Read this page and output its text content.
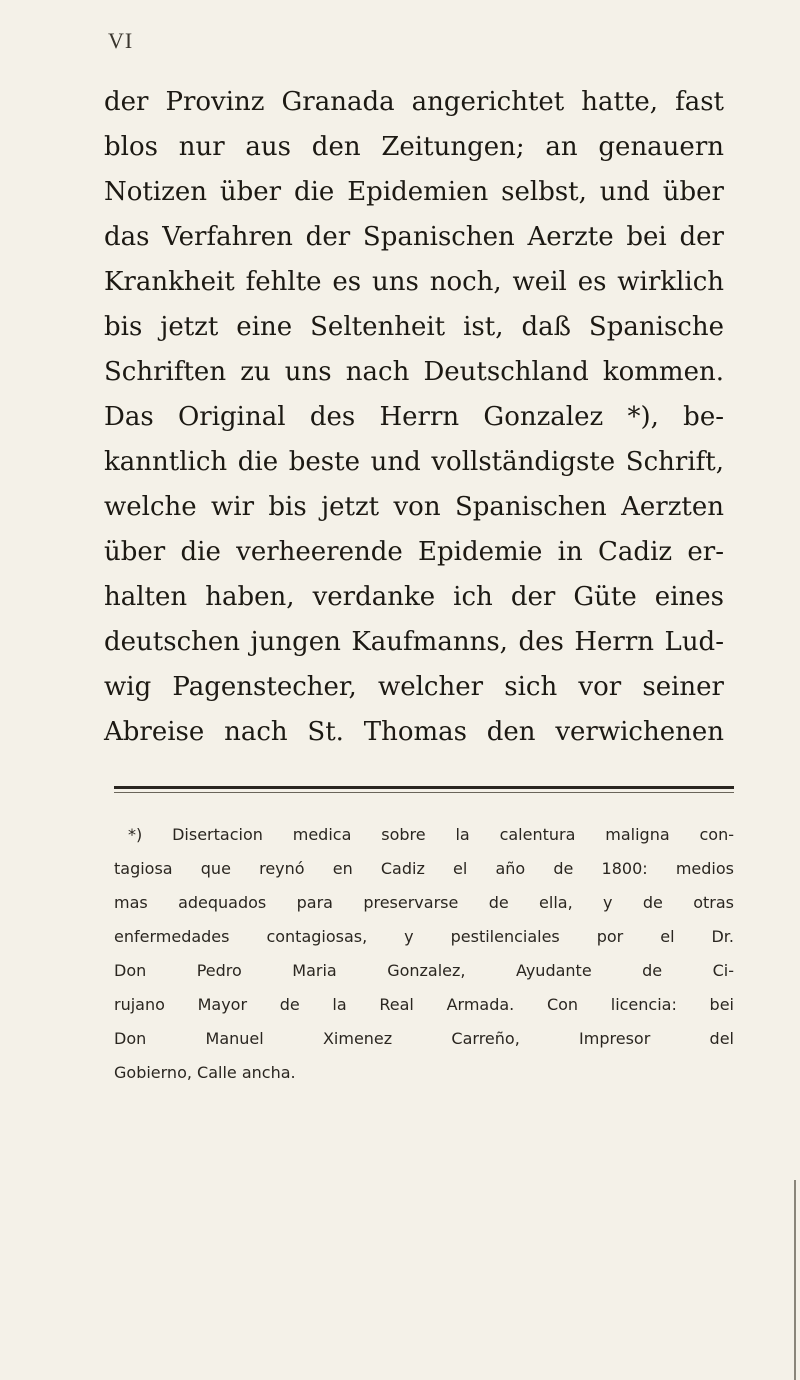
VI
der Provinz Granada angerichtet hatte, fast
blos nur aus den Zeitungen; an genauern
Notizen über die Epidemien selbst, und über
das Verfahren der Spanischen Aerzte bei der
Krankheit fehlte es uns noch, weil es wirklich
bis jetzt eine Seltenheit ist, daß Spanische
Schriften zu uns nach Deutschland kommen.
Das Original des Herrn Gonzalez *), be-
kanntlich die beste und vollständigste Schrift,
welche wir bis jetzt von Spanischen Aerzten
über die verheerende Epidemie in Cadiz er-
halten haben, verdanke ich der Güte eines
deutschen jungen Kaufmanns, des Herrn Lud-
wig Pagenstecher, welcher sich vor seiner
Abreise nach St. Thomas den verwichenen
*) Disertacion medica sobre la calentura maligna con-
tagiosa que reynó en Cadiz el año de 1800: medios
mas adequados para preservarse de ella, y de otras
enfermedades contagiosas, y pestilenciales por el Dr.
Don Pedro Maria Gonzalez, Ayudante de Ci-
rujano Mayor de la Real Armada. Con licencia: bei
Don Manuel Ximenez Carreño, Impresor del
Gobierno, Calle ancha.
